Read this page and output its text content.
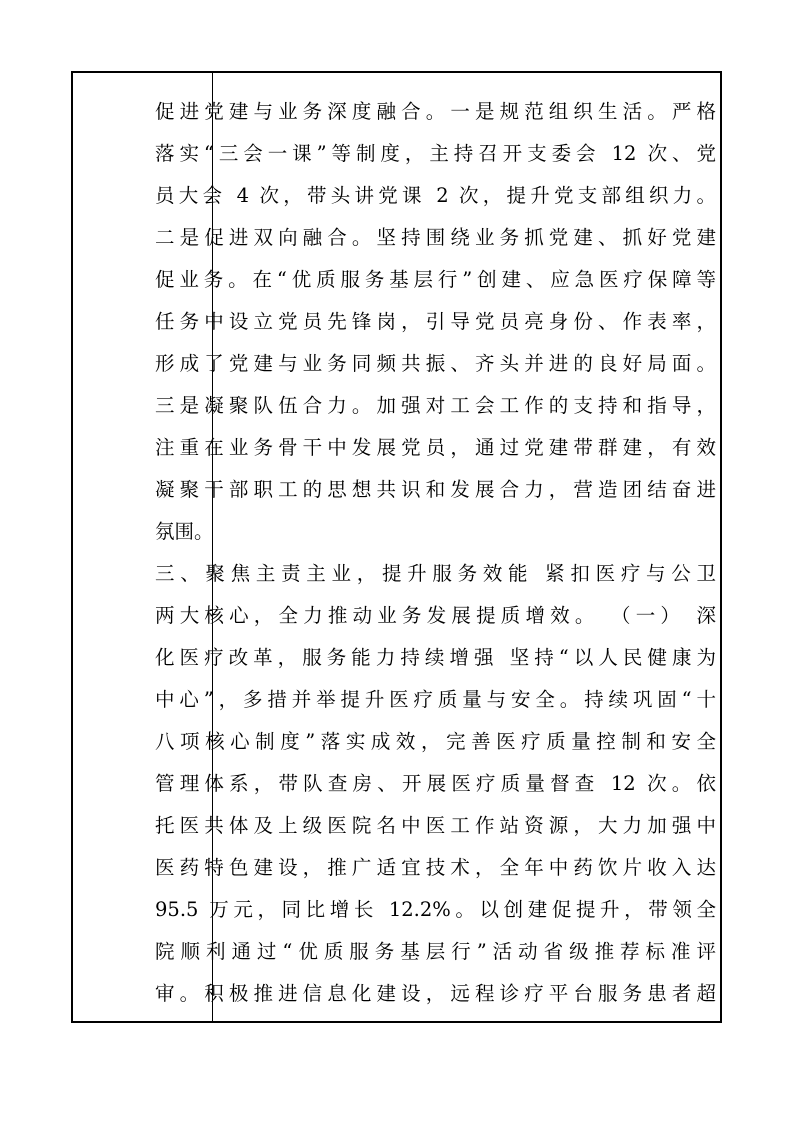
促进党建与业务深度融合。一是规范组织生活。严格
落实“三会一课”等制度，主持召开支委会 12 次、党
员大会 4 次，带头讲党课 2 次，提升党支部组织力。
二是促进双向融合。坚持围绕业务抓党建、抓好党建
促业务。在“优质服务基层行”创建、应急医疗保障等
任务中设立党员先锋岗，引导党员亮身份、作表率，
形成了党建与业务同频共振、齐头并进的良好局面。
三是凝聚队伍合力。加强对工会工作的支持和指导，
注重在业务骨干中发展党员，通过党建带群建，有效
凝聚干部职工的思想共识和发展合力，营造团结奋进
氛围。
三、聚焦主责主业，提升服务效能 紧扣医疗与公卫
两大核心，全力推动业务发展提质增效。 （一） 深
化医疗改革，服务能力持续增强 坚持“以人民健康为
中心”，多措并举提升医疗质量与安全。持续巩固“十
八项核心制度”落实成效，完善医疗质量控制和安全
管理体系，带队查房、开展医疗质量督查 12 次。依
托医共体及上级医院名中医工作站资源，大力加强中
医药特色建设，推广适宜技术，全年中药饮片收入达
95.5 万元，同比增长 12.2%。以创建促提升，带领全
院顺利通过“优质服务基层行”活动省级推荐标准评
审。积极推进信息化建设，远程诊疗平台服务患者超
